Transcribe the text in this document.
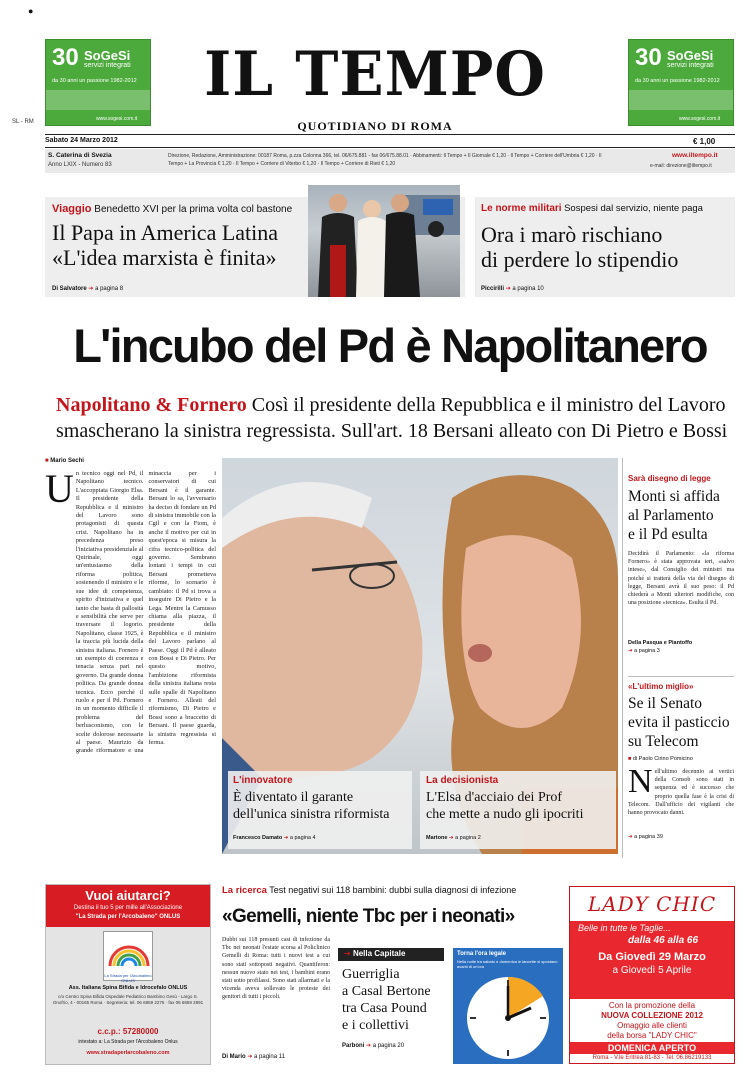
●
SL - RM
30 SoGeSi
servizi integrati
da 30 anni un passione 1982-2012
www.sogesi.com.it
30 SoGeSi
servizi integrati
da 30 anni un passione 1982-2012
www.sogesi.com.it
IL TEMPO
QUOTIDIANO DI ROMA
Sabato 24 Marzo 2012	€ 1,00
S. Caterina di Svezia
Anno LXIX - Numero 83
Direzione, Redazione, Amministrazione: 00187 Roma, p.zza Colonna 366, tel. 06/675.881 - fax 06/675.88.01 · Abbinamenti: Il Tempo + Il Giornale € 1,20 · Il Tempo + Corriere dell'Umbria € 1,20 · Il Tempo + La Provincia € 1,20 · Il Tempo + Corriere di Viterbo € 1,20 · Il Tempo + Corriere di Rieti € 1,20
www.iltempo.it
e-mail: direzione@iltempo.it
Viaggio Benedetto XVI per la prima volta col bastone
Il Papa in America Latina
«L'idea marxista è finita»
Di Salvatore ➔ a pagina 8
Le norme militari Sospesi dal servizio, niente paga
Ora i marò rischiano
di perdere lo stipendio
Piccirilli ➔ a pagina 10
L'incubo del Pd è Napolitanero
Napolitano & Fornero Così il presidente della Repubblica e il ministro del Lavoro
smascherano la sinistra regressista. Sull'art. 18 Bersani alleato con Di Pietro e Bossi
■ Mario Sechi
U n tecnico oggi nel Pd, il Napolitano tecnico. L'accoppiata Giorgio Elsa. Il presidente della Repubblica e il ministro del Lavoro sono protagonisti di questa crisi. Napolitano ha in precedenza preso l'iniziativa presidenziale al Quirinale, oggi un'entusiasmo della riforma politica, sostenendo il ministro e le sue idee di competenza, spirito d'iniziativa e quel tanto che basta di pallosità e sensibilità che serve per traversare il logorio. Napolitano, classe 1925, è la traccia più lucida della sinistra italiana. Fornero è un esempio di coerenza e tenacia senza pari nel governo. Da grande donna politica. Da grande donna tecnica. Ecco perché il ruolo e per il Pd. Fornero in un momento difficile il problema del berlusconismo, con le scelte dolorose necessarie al paese. Maurizio da grande riformatore e una minaccia per i conservatori di cui Bersani è il garante. Bersani lo sa, l'avversario ha deciso di fondare un Pd di sinistra immobile con la Cgil e con la Fiom, è anche il motivo per cui in quest'epoca si misura la cifra tecnico-politica del governo. Sembrano lontani i tempi in cui Bersani prometteva riforme, lo scenario è cambiato: il Pd si trova a inseguire Di Pietro e la Lega. Mentre la Camusso chiama alla piazza, il presidente della Repubblica e il ministro del Lavoro parlano al Paese. Oggi il Pd è alleato con Bossi e Di Pietro. Per questo motivo, l'ambizione riformista della sinistra italiana resta sulle spalle di Napolitano e Fornero. Alleati del riformismo, Di Pietro e Bossi sono a braccetto di Bersani. Il paese guarda, la sinistra regressista si ferma.
L'innovatore
È diventato il garante
dell'unica sinistra riformista
Francesco Damato ➔ a pagina 4
La decisionista
L'Elsa d'acciaio dei Prof
che mette a nudo gli ipocriti
Martone ➔ a pagina 2
Sarà disegno di legge
Monti si affida
al Parlamento
e il Pd esulta
Decidirà il Parlamento: «la riforma Fornero» è stata approvata ieri, «salvo intese», dal Consiglio dei ministri ma poiché si tratterà della via del disegno di legge, Bersani avrà il suo peso: il Pd chiederà a Monti ulteriori modifiche, con una posizione «tecnica». Esulta il Pd.
Della Pasqua e Piantoffo
➔ a pagina 3
«L'ultimo miglio»
Se il Senato
evita il pasticcio
su Telecom
■ di Paolo Cirino Pomicino
N ell'ultimo decennio ai vertici della Consob sono stati in sequenza ed è successo che proprio quella fase è la crisi di Telecom. Dall'ufficio dei vigilanti che hanno provocato danni.
➔ a pagina 39
Vuoi aiutarci?
Destina il tuo 5 per mille all'Associazione
"La Strada per l'Arcobaleno" ONLUS
La Strada per l'Arcobaleno ONLUS
Ass. Italiana Spina Bifida e Idrocefalo ONLUS
c/o Centro Spina Bifida Ospedale Pediatrico Bambino Gesù - Largo S. Onofrio, 4 - 00165 Roma · Segreteria: tel. 06 6859 2275 · fax 06 6859 2891
c.c.p.: 57280000
intestato a: La Strada per l'Arcobaleno Onlus
www.stradaperlarcobaleno.com
La ricerca Test negativi sui 118 bambini: dubbi sulla diagnosi di infezione
«Gemelli, niente Tbc per i neonati»
Dubbi sui 118 presunti casi di infezione da Tbc nei neonati l'estate scorsa al Policlinico Gemelli di Roma: tutti i nuovi test a cui sono stati sottoposti negativi. Quantiferon: nessun nuovo stato nei test, i bambini erano stati sotto profilassi. Sono stati allarmati e la vicenda aveva sollevato le proteste dei genitori di tutti i piccoli.
Di Mario ➔ a pagina 11
➔ Nella Capitale
Guerriglia
a Casal Bertone
tra Casa Pound
e i collettivi
Parboni ➔ a pagina 20
Torna l'ora legale
Nella notte tra sabato e domenica le lancette si spostano avanti di un'ora
LADY CHIC
Belle in tutte le Taglie...
dalla 46 alla 66
Da Giovedì 29 Marzo
a Giovedì 5 Aprile
Con la promozione della
NUOVA COLLEZIONE 2012
Omaggio alle clienti
della borsa "LADY CHIC"
DOMENICA APERTO
Roma - V.le Eritrea 81-83 - Tel. 06.86219133
